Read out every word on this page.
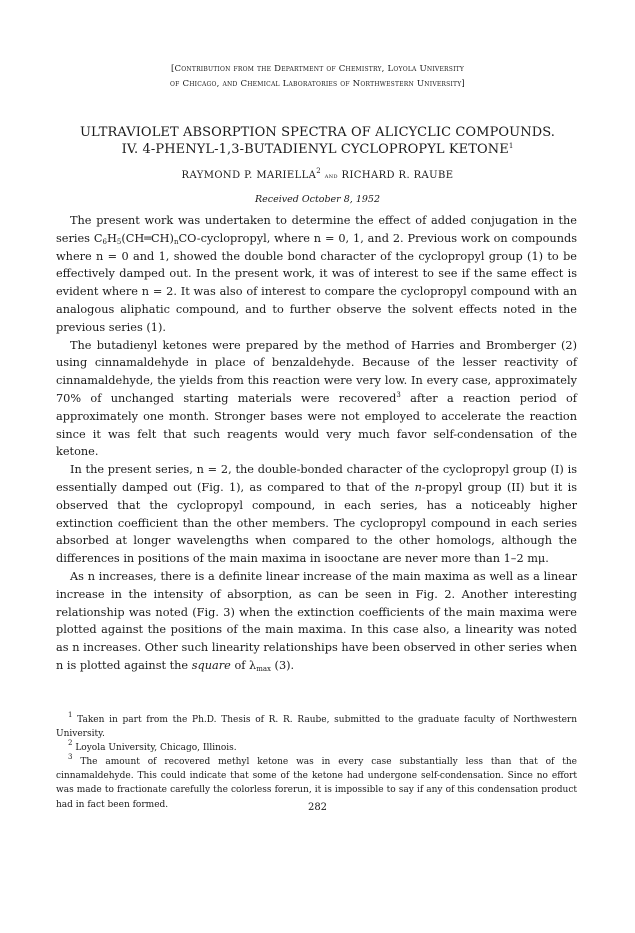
[Contribution from the Department of Chemistry, Loyola University
of Chicago, and Chemical Laboratories of Northwestern University]
ULTRAVIOLET ABSORPTION SPECTRA OF ALICYCLIC COMPOUNDS.
IV. 4-PHENYL-1,3-BUTADIENYL CYCLOPROPYL KETONE$^1$
RAYMOND P. MARIELLA$^2$ and RICHARD R. RAUBE
Received October 8, 1952

The present work was undertaken to determine the effect of added conjugation in the series $C_6H_5(CH═CH)_nCO$-cyclopropyl, where n = 0, 1, and 2. Previous work on compounds where n = 0 and 1, showed the double bond character of the cyclopropyl group (1) to be effectively damped out. In the present work, it was of interest to see if the same effect is evident where n = 2. It was also of interest to compare the cyclopropyl compound with an analogous aliphatic compound, and to further observe the solvent effects noted in the previous series (1).

The butadienyl ketones were prepared by the method of Harries and Bromberger (2) using cinnamaldehyde in place of benzaldehyde. Because of the lesser reactivity of cinnamaldehyde, the yields from this reaction were very low. In every case, approximately 70% of unchanged starting materials were recovered$^3$ after a reaction period of approximately one month. Stronger bases were not employed to accelerate the reaction since it was felt that such reagents would very much favor self-condensation of the ketone.

In the present series, n = 2, the double-bonded character of the cyclopropyl group (I) is essentially damped out (Fig. 1), as compared to that of the n-propyl group (II) but it is observed that the cyclopropyl compound, in each series, has a noticeably higher extinction coefficient than the other members. The cyclopropyl compound in each series absorbed at longer wavelengths when compared to the other homologs, although the differences in positions of the main maxima in isooctane are never more than 1–2 mμ.

As n increases, there is a definite linear increase of the main maxima as well as a linear increase in the intensity of absorption, as can be seen in Fig. 2. Another interesting relationship was noted (Fig. 3) when the extinction coefficients of the main maxima were plotted against the positions of the main maxima. In this case also, a linearity was noted as n increases. Other such linearity relationships have been observed in other series when n is plotted against the square of $\lambda_{max}$ (3).

$^1$ Taken in part from the Ph.D. Thesis of R. R. Raube, submitted to the graduate faculty of Northwestern University.

$^2$ Loyola University, Chicago, Illinois.

$^3$ The amount of recovered methyl ketone was in every case substantially less than that of the cinnamaldehyde. This could indicate that some of the ketone had undergone self-condensation. Since no effort was made to fractionate carefully the colorless forerun, it is impossible to say if any of this condensation product had in fact been formed.	282
